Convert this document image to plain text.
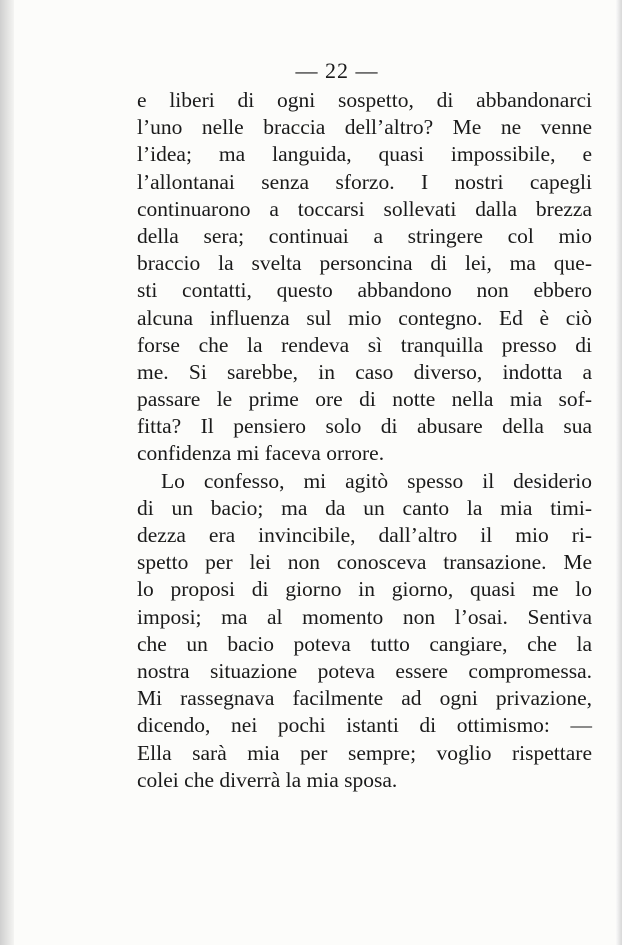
— 22 —
e liberi di ogni sospetto, di abbandonarci
l’uno nelle braccia dell’altro? Me ne venne
l’idea; ma languida, quasi impossibile, e
l’allontanai senza sforzo. I nostri capegli
continuarono a toccarsi sollevati dalla brezza
della sera; continuai a stringere col mio
braccio la svelta personcina di lei, ma que-
sti contatti, questo abbandono non ebbero
alcuna influenza sul mio contegno. Ed è ciò
forse che la rendeva sì tranquilla presso di
me. Si sarebbe, in caso diverso, indotta a
passare le prime ore di notte nella mia sof-
fitta? Il pensiero solo di abusare della sua
confidenza mi faceva orrore.
Lo confesso, mi agitò spesso il desiderio
di un bacio; ma da un canto la mia timi-
dezza era invincibile, dall’altro il mio ri-
spetto per lei non conosceva transazione. Me
lo proposi di giorno in giorno, quasi me lo
imposi; ma al momento non l’osai. Sentiva
che un bacio poteva tutto cangiare, che la
nostra situazione poteva essere compromessa.
Mi rassegnava facilmente ad ogni privazione,
dicendo, nei pochi istanti di ottimismo: —
Ella sarà mia per sempre; voglio rispettare
colei che diverrà la mia sposa.
